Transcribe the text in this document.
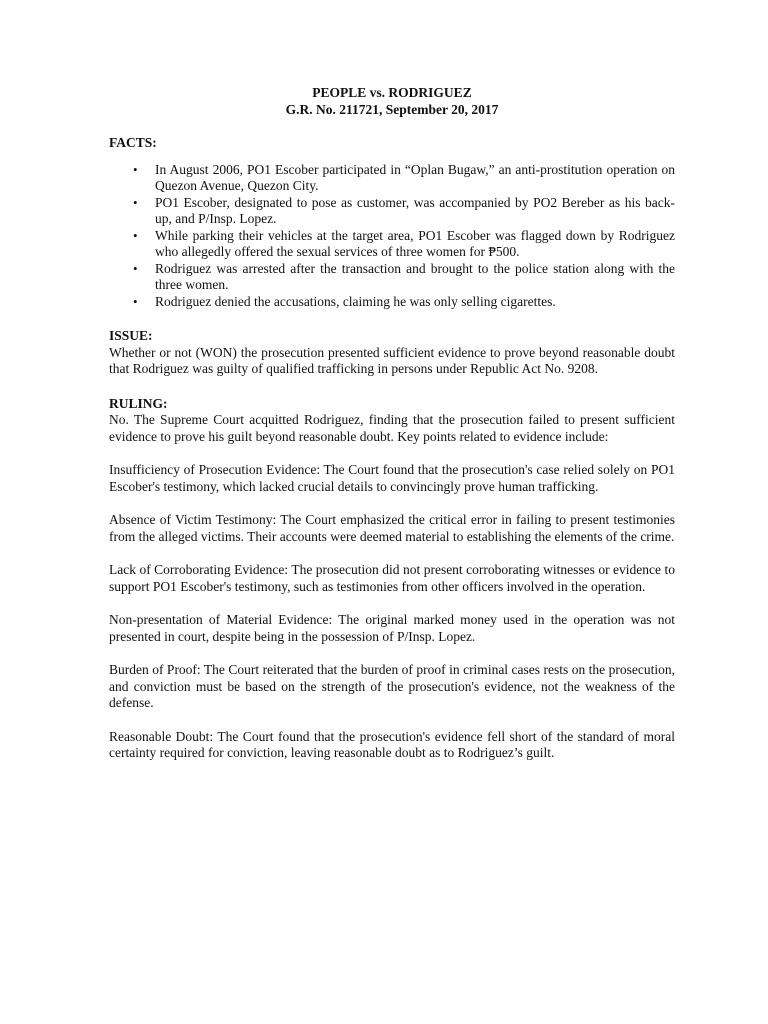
PEOPLE vs. RODRIGUEZ
G.R. No. 211721, September 20, 2017
FACTS:
• In August 2006, PO1 Escober participated in “Oplan Bugaw,” an anti-prostitution operation on Quezon Avenue, Quezon City.
• PO1 Escober, designated to pose as customer, was accompanied by PO2 Bereber as his back-up, and P/Insp. Lopez.
• While parking their vehicles at the target area, PO1 Escober was flagged down by Rodriguez who allegedly offered the sexual services of three women for ₱500.
• Rodriguez was arrested after the transaction and brought to the police station along with the three women.
• Rodriguez denied the accusations, claiming he was only selling cigarettes.
ISSUE:

Whether or not (WON) the prosecution presented sufficient evidence to prove beyond reasonable doubt that Rodriguez was guilty of qualified trafficking in persons under Republic Act No. 9208.

RULING:

No. The Supreme Court acquitted Rodriguez, finding that the prosecution failed to present sufficient evidence to prove his guilt beyond reasonable doubt. Key points related to evidence include:

Insufficiency of Prosecution Evidence: The Court found that the prosecution's case relied solely on PO1 Escober's testimony, which lacked crucial details to convincingly prove human trafficking.

Absence of Victim Testimony: The Court emphasized the critical error in failing to present testimonies from the alleged victims. Their accounts were deemed material to establishing the elements of the crime.

Lack of Corroborating Evidence: The prosecution did not present corroborating witnesses or evidence to support PO1 Escober's testimony, such as testimonies from other officers involved in the operation.

Non-presentation of Material Evidence: The original marked money used in the operation was not presented in court, despite being in the possession of P/Insp. Lopez.

Burden of Proof: The Court reiterated that the burden of proof in criminal cases rests on the prosecution, and conviction must be based on the strength of the prosecution's evidence, not the weakness of the defense.

Reasonable Doubt: The Court found that the prosecution's evidence fell short of the standard of moral certainty required for conviction, leaving reasonable doubt as to Rodriguez’s guilt.
